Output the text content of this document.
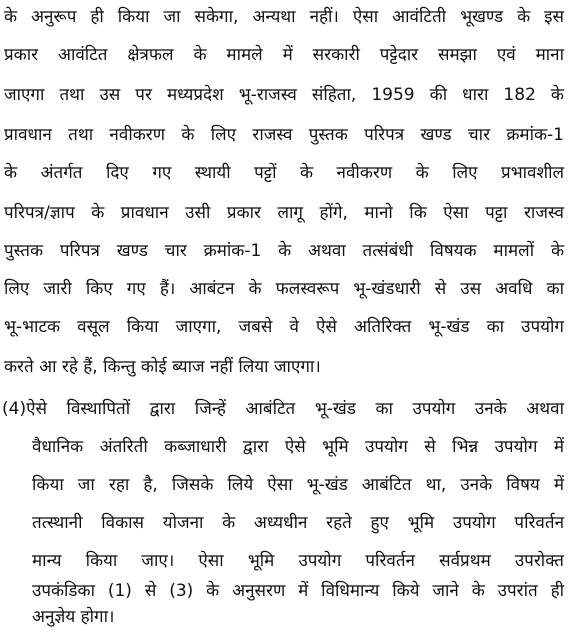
के अनुरूप ही किया जा सकेगा, अन्यथा नहीं। ऐसा आवंटिती भूखण्ड के इस
प्रकार आवंटित क्षेत्रफल के मामले में सरकारी पट्टेदार समझा एवं माना
जाएगा तथा उस पर मध्यप्रदेश भू-राजस्व संहिता, 1959 की धारा 182 के
प्रावधान तथा नवीकरण के लिए राजस्व पुस्तक परिपत्र खण्ड चार क्रमांक-1
के अंतर्गत दिए गए स्थायी पट्टों के नवीकरण के लिए प्रभावशील
परिपत्र/ज्ञाप के प्रावधान उसी प्रकार लागू होंगे, मानो कि ऐसा पट्टा राजस्व
पुस्तक परिपत्र खण्ड चार क्रमांक-1 के अथवा तत्संबंधी विषयक मामलों के
लिए जारी किए गए हैं। आबंटन के फलस्वरूप भू-खंडधारी से उस अवधि का
भू-भाटक वसूल किया जाएगा, जबसे वे ऐसे अतिरिक्त भू-खंड का उपयोग
करते आ रहे हैं, किन्तु कोई ब्याज नहीं लिया जाएगा।
(4)ऐसे विस्थापितों द्वारा जिन्हें आबंटित भू-खंड का उपयोग उनके अथवा
वैधानिक अंतरिती कब्जाधारी द्वारा ऐसे भूमि उपयोग से भिन्न उपयोग में
किया जा रहा है, जिसके लिये ऐसा भू-खंड आबंटित था, उनके विषय में
तत्स्थानी विकास योजना के अध्यधीन रहते हुए भूमि उपयोग परिवर्तन
मान्य किया जाए। ऐसा भूमि उपयोग परिवर्तन सर्वप्रथम उपरोक्त
उपकंडिका (1) से (3) के अनुसरण में विधिमान्य किये जाने के उपरांत ही
अनुज्ञेय होगा।
